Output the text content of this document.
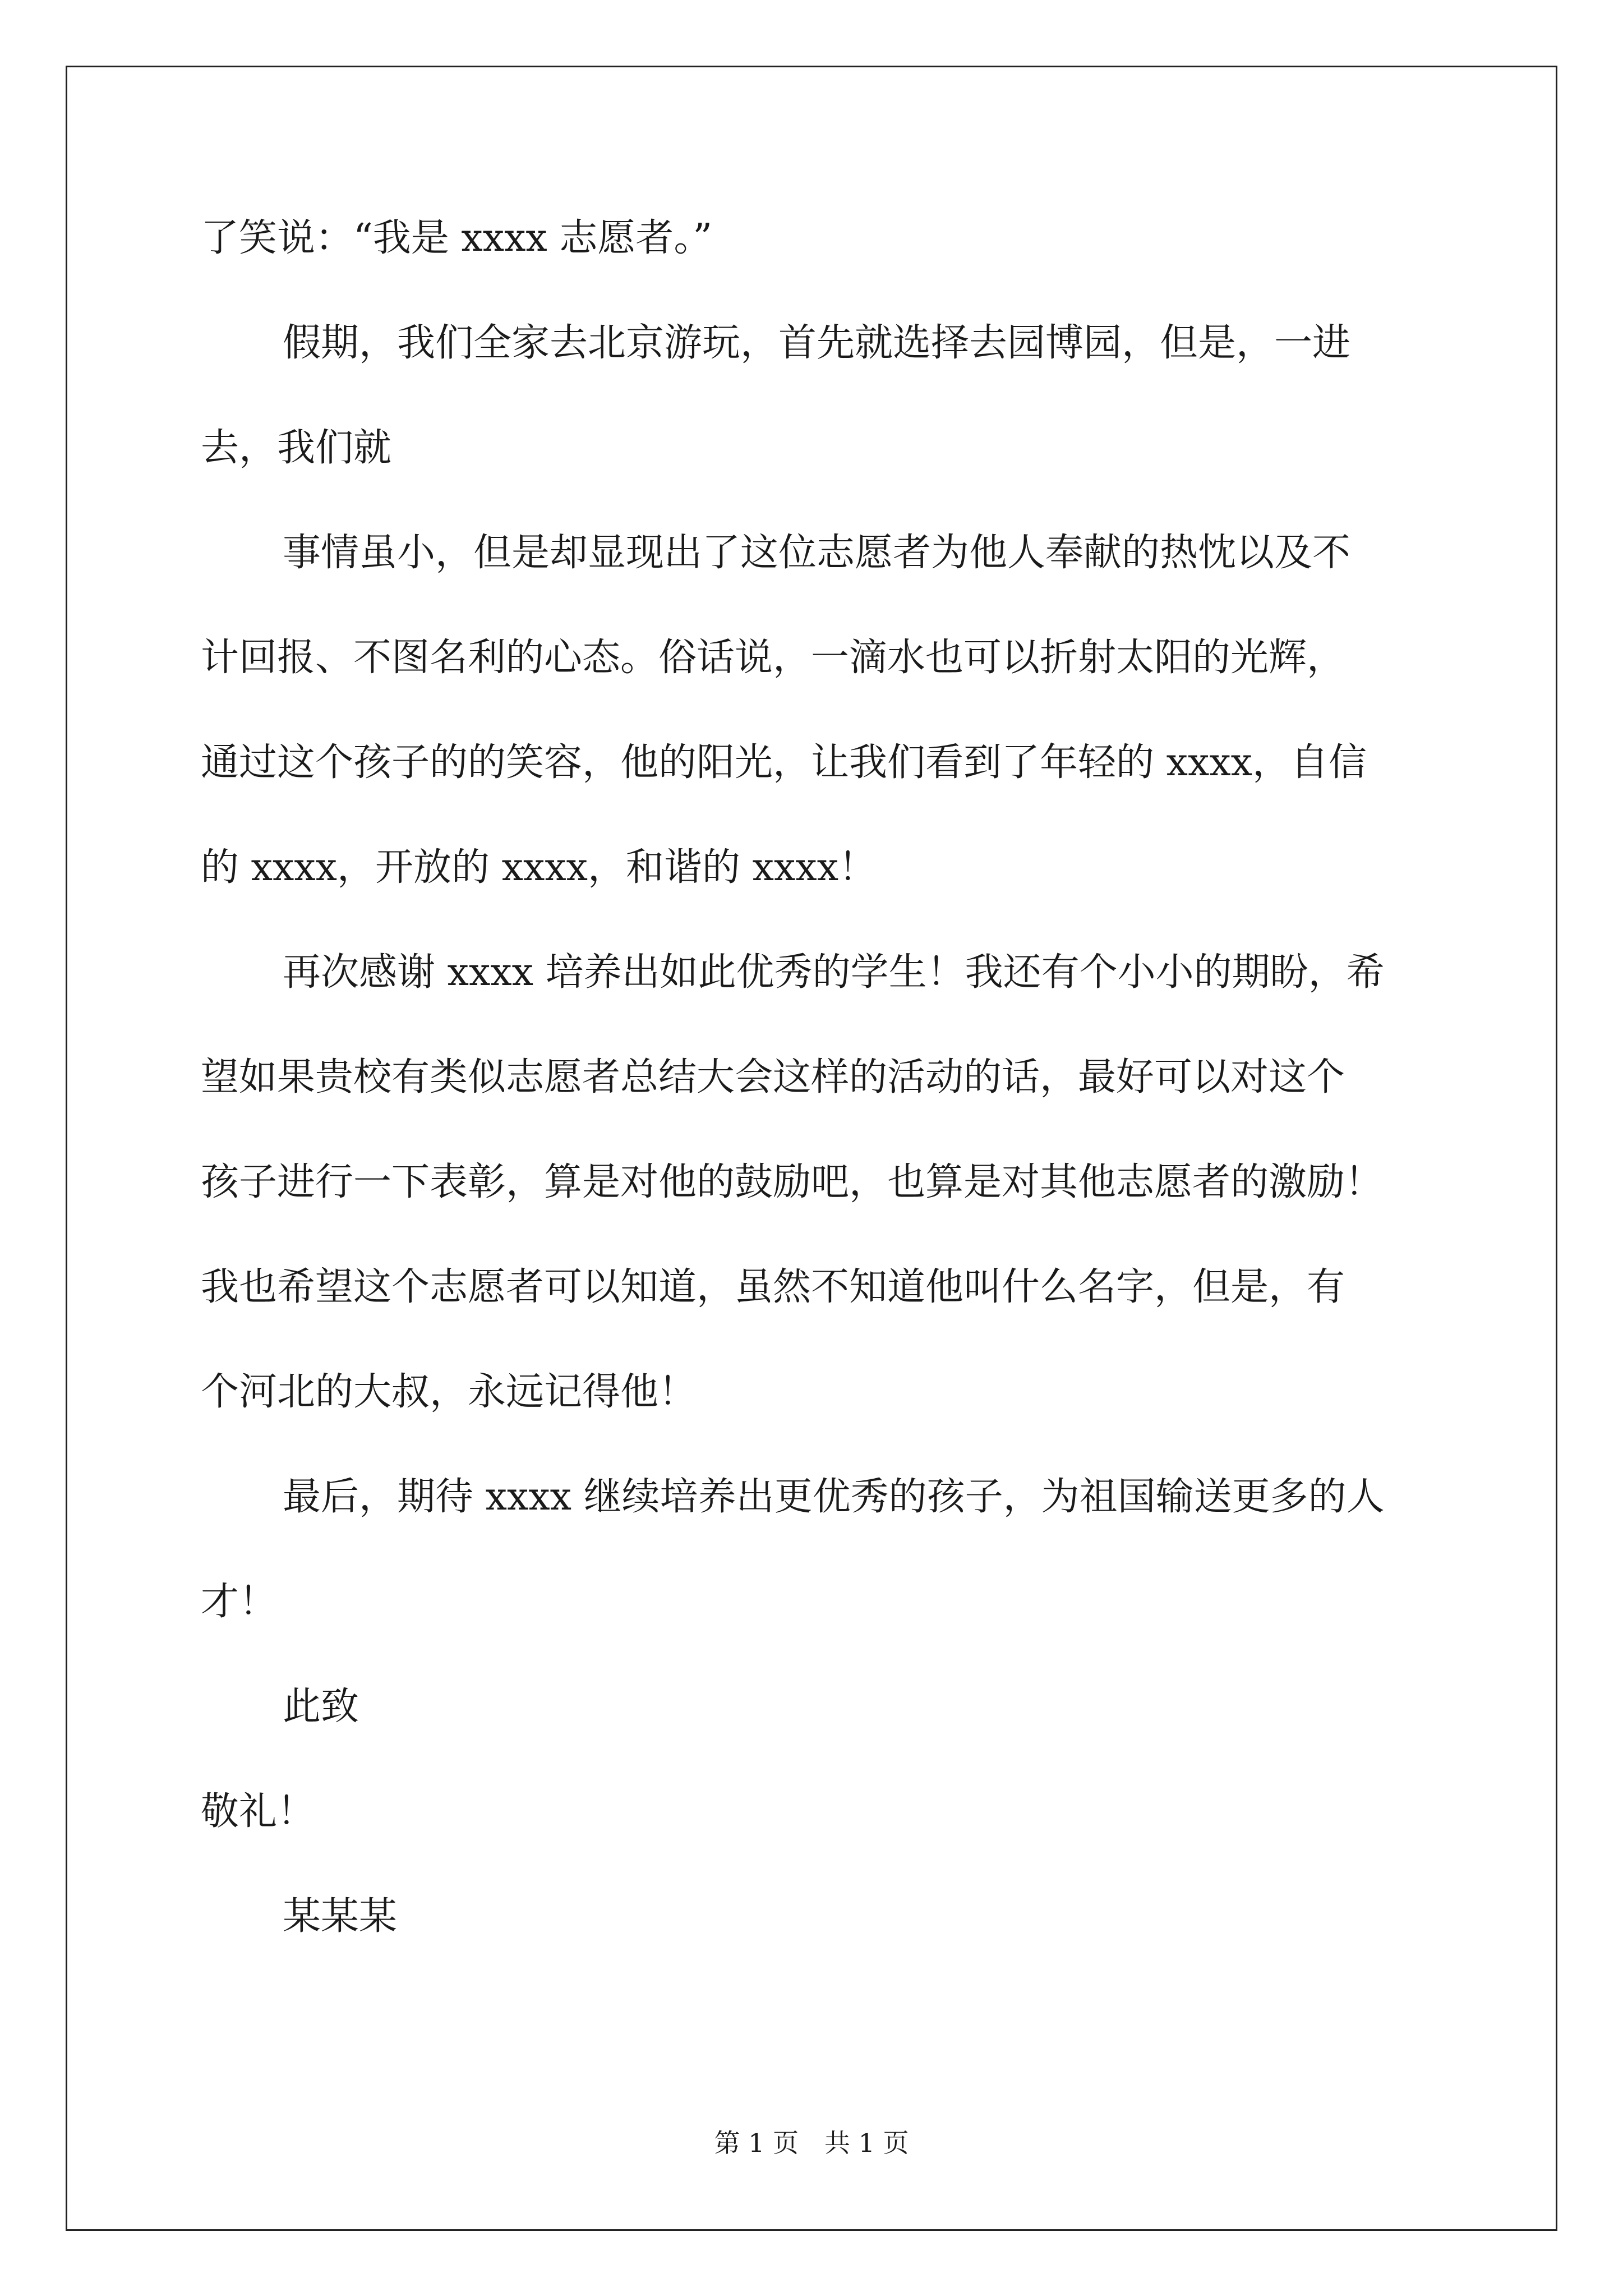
了笑说：“我是 xxxx 志愿者。”
假期，我们全家去北京游玩，首先就选择去园博园，但是，一进
去，我们就
事情虽小，但是却显现出了这位志愿者为他人奉献的热忱以及不
计回报、不图名利的心态。俗话说，一滴水也可以折射太阳的光辉，
通过这个孩子的的笑容，他的阳光，让我们看到了年轻的 xxxx，自信
的 xxxx，开放的 xxxx，和谐的 xxxx！
再次感谢 xxxx 培养出如此优秀的学生！我还有个小小的期盼，希
望如果贵校有类似志愿者总结大会这样的活动的话，最好可以对这个
孩子进行一下表彰，算是对他的鼓励吧，也算是对其他志愿者的激励！
我也希望这个志愿者可以知道，虽然不知道他叫什么名字，但是，有
个河北的大叔，永远记得他！
最后，期待 xxxx 继续培养出更优秀的孩子，为祖国输送更多的人
才！
此致
敬礼！
某某某
第 1 页　共 1 页
